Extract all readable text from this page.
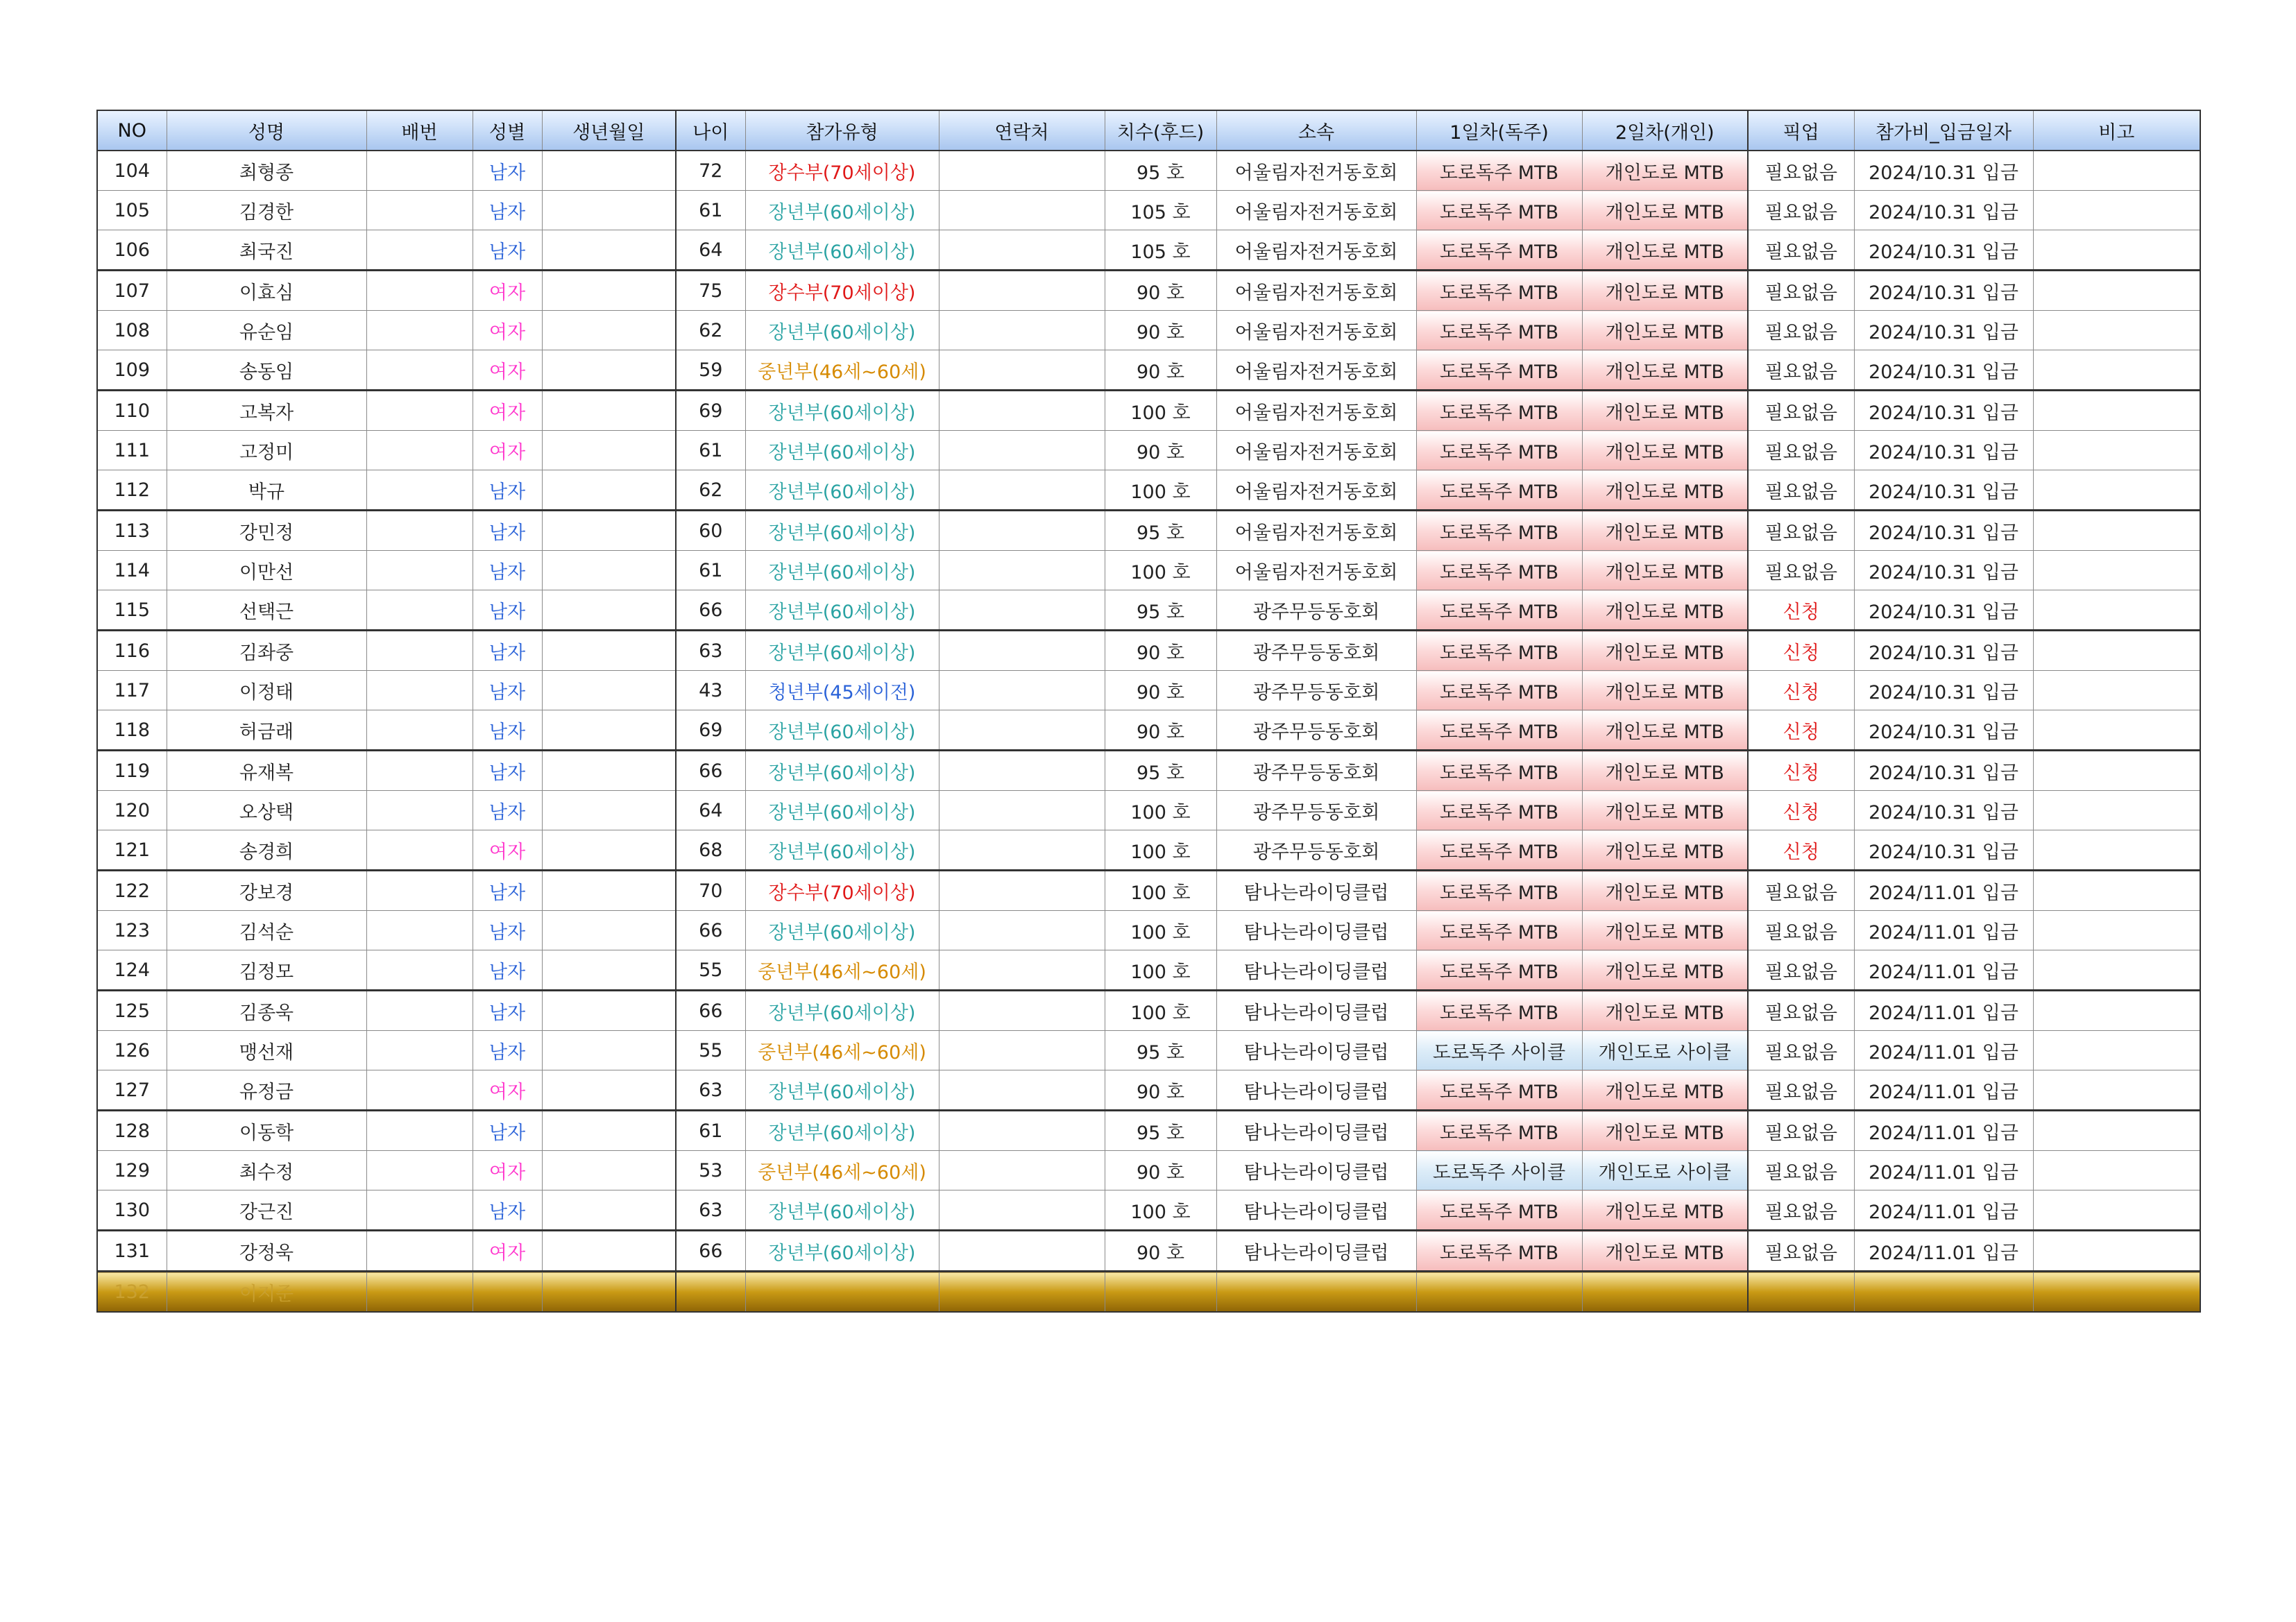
NO	성명	배번	성별	생년월일	나이	참가유형	연락처	치수(후드)	소속	1일차(독주)	2일차(개인)	픽업	참가비_입금일자	비고
104	최형종		남자		72	장수부(70세이상)		95 호	어울림자전거동호회	도로독주 MTB	개인도로 MTB	필요없음	2024/10.31 입금	
105	김경한		남자		61	장년부(60세이상)		105 호	어울림자전거동호회	도로독주 MTB	개인도로 MTB	필요없음	2024/10.31 입금	
106	최국진		남자		64	장년부(60세이상)		105 호	어울림자전거동호회	도로독주 MTB	개인도로 MTB	필요없음	2024/10.31 입금	
107	이효심		여자		75	장수부(70세이상)		90 호	어울림자전거동호회	도로독주 MTB	개인도로 MTB	필요없음	2024/10.31 입금	
108	유순임		여자		62	장년부(60세이상)		90 호	어울림자전거동호회	도로독주 MTB	개인도로 MTB	필요없음	2024/10.31 입금	
109	송동임		여자		59	중년부(46세~60세)		90 호	어울림자전거동호회	도로독주 MTB	개인도로 MTB	필요없음	2024/10.31 입금	
110	고복자		여자		69	장년부(60세이상)		100 호	어울림자전거동호회	도로독주 MTB	개인도로 MTB	필요없음	2024/10.31 입금	
111	고정미		여자		61	장년부(60세이상)		90 호	어울림자전거동호회	도로독주 MTB	개인도로 MTB	필요없음	2024/10.31 입금	
112	박규		남자		62	장년부(60세이상)		100 호	어울림자전거동호회	도로독주 MTB	개인도로 MTB	필요없음	2024/10.31 입금	
113	강민정		남자		60	장년부(60세이상)		95 호	어울림자전거동호회	도로독주 MTB	개인도로 MTB	필요없음	2024/10.31 입금	
114	이만선		남자		61	장년부(60세이상)		100 호	어울림자전거동호회	도로독주 MTB	개인도로 MTB	필요없음	2024/10.31 입금	
115	선택근		남자		66	장년부(60세이상)		95 호	광주무등동호회	도로독주 MTB	개인도로 MTB	신청	2024/10.31 입금	
116	김좌중		남자		63	장년부(60세이상)		90 호	광주무등동호회	도로독주 MTB	개인도로 MTB	신청	2024/10.31 입금	
117	이정태		남자		43	청년부(45세이전)		90 호	광주무등동호회	도로독주 MTB	개인도로 MTB	신청	2024/10.31 입금	
118	허금래		남자		69	장년부(60세이상)		90 호	광주무등동호회	도로독주 MTB	개인도로 MTB	신청	2024/10.31 입금	
119	유재복		남자		66	장년부(60세이상)		95 호	광주무등동호회	도로독주 MTB	개인도로 MTB	신청	2024/10.31 입금	
120	오상택		남자		64	장년부(60세이상)		100 호	광주무등동호회	도로독주 MTB	개인도로 MTB	신청	2024/10.31 입금	
121	송경희		여자		68	장년부(60세이상)		100 호	광주무등동호회	도로독주 MTB	개인도로 MTB	신청	2024/10.31 입금	
122	강보경		남자		70	장수부(70세이상)		100 호	탐나는라이딩클럽	도로독주 MTB	개인도로 MTB	필요없음	2024/11.01 입금	
123	김석순		남자		66	장년부(60세이상)		100 호	탐나는라이딩클럽	도로독주 MTB	개인도로 MTB	필요없음	2024/11.01 입금	
124	김정모		남자		55	중년부(46세~60세)		100 호	탐나는라이딩클럽	도로독주 MTB	개인도로 MTB	필요없음	2024/11.01 입금	
125	김종욱		남자		66	장년부(60세이상)		100 호	탐나는라이딩클럽	도로독주 MTB	개인도로 MTB	필요없음	2024/11.01 입금	
126	맹선재		남자		55	중년부(46세~60세)		95 호	탐나는라이딩클럽	도로독주 사이클	개인도로 사이클	필요없음	2024/11.01 입금	
127	유정금		여자		63	장년부(60세이상)		90 호	탐나는라이딩클럽	도로독주 MTB	개인도로 MTB	필요없음	2024/11.01 입금	
128	이동학		남자		61	장년부(60세이상)		95 호	탐나는라이딩클럽	도로독주 MTB	개인도로 MTB	필요없음	2024/11.01 입금	
129	최수정		여자		53	중년부(46세~60세)		90 호	탐나는라이딩클럽	도로독주 사이클	개인도로 사이클	필요없음	2024/11.01 입금	
130	강근진		남자		63	장년부(60세이상)		100 호	탐나는라이딩클럽	도로독주 MTB	개인도로 MTB	필요없음	2024/11.01 입금	
131	강정욱		여자		66	장년부(60세이상)		90 호	탐나는라이딩클럽	도로독주 MTB	개인도로 MTB	필요없음	2024/11.01 입금	
132	이지준													
